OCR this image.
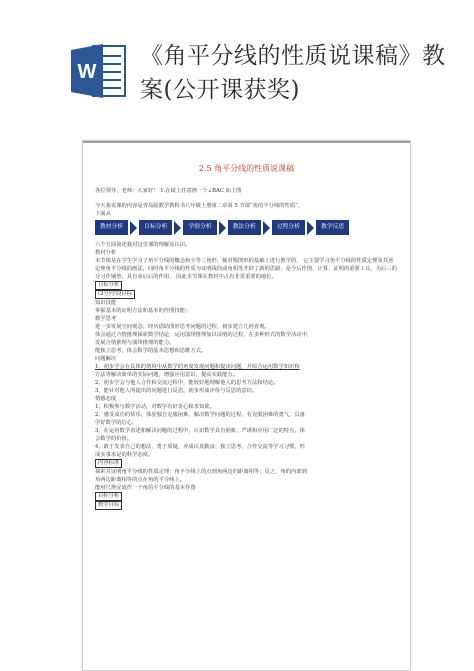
W
《角平分线的性质说课稿》教
案(公开课获奖)
2.5 角平分线的性质说课稿

各位领导，老师：大家好！ 1.在纸上任意画一个∠BAC 如上图

今天我说课的内容是青岛版数学教科书八年级上册第二章第 5 节课“角的平分线的性质”，

下面从

教材分析	目标分析	学情分析	教法分析	过程分析	教学反思

六个方面简述我对这堂课的理解及认识。

教材分析

本节课是在学生学习了角平分线的概念和全等三角形，轴对称图形的基础上进行教学的， 它主要学习角平分线的性质定理及其逆定理角平分线的画法，同时角平分线的性质为证明线段或角相等开辟了新的思路，是今后作图、计算、证明的重要工具，为后三的分习作铺垫，具有承启后的作用， 因此本节课在教材中占有非常重要的地位。

目标分析

(2分)学段目标

知识技能

掌握基本的证明方法和基本的作图技能；

数学思考

进一步发展空间观念；经历借助图形思考问题的过程，初步建立几何直观。

体会通过合情推理探索数学结论，运用演绎推理加以证明的过程，在多种形式的数学活动中，

发展合情推理与演绎推理的能力。

能独立思考，体会数学的基本思想和思维方式。

问题解决

1、初步学会在具体的情境中从数学的角度发现问题和提出问题，并综合运用数学知识和

方法等解决简单的实际问题，增强应用意识，提高实践能力。

2、初步学会与他人合作和交流过程中，能较好地理解他人的思考方法和结论。

3、能针对他人所提出的问题进行反思，初步形成评价与反思的意识。

情感态度

1、积极参与数学活动，对数学有好奇心和求知欲。

2、感受成功的快乐，体验独自克服困难，解决数学问题的过程，有克服困难的勇气，具备

学好数学的信心。

3、在运用数学表述和解决问题的过程中，认识数学具有抽象、严谨和应用广泛的特点，体

会数学的价值。

4、敢于发表自己的想法、勇于质疑，养成认真勤奋、独立思考、合作交流等学习习惯，形

成实事求是的科学态度。

内容标准

探索并证明角平分线的性质定理：角平分线上的点到角两边的距离相等；反之，角的内部到

角两边距离相等的点在角的平分线上。

能用尺规完成作一个角的平分线的基本作图

目标分析

教学目标
